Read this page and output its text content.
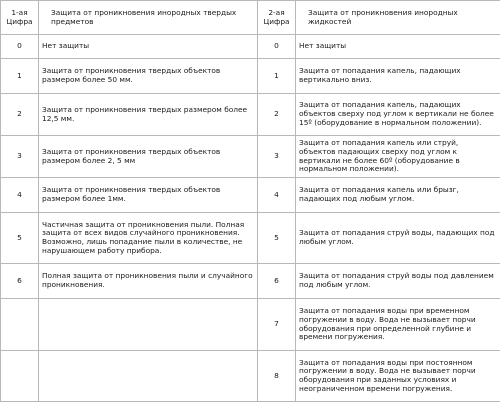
1-ая Цифра	Защита от проникновения инородных твердых предметов	2-ая Цифра	Защита от проникновения инородных жидкостей
0	Нет защиты	0	Нет защиты
1	Защита от проникновения твердых объектов размером более 50 мм.	1	Защита от попадания капель, падающих вертикально вниз.
2	Защита от проникновения твердых размером более 12,5 мм.	2	Защита от попадания капель, падающих объектов сверху под углом к вертикали не более 15º (оборудование в нормальном положении).
3	Защита от проникновения твердых объектов размером более 2, 5 мм	3	Защита от попадания капель или струй, объектов падающих сверху под углом к вертикали не более 60º (оборудование в нормальном положении).
4	Защита от проникновения твердых объектов размером более 1мм.	4	Защита от попадания капель или брызг, падающих под любым углом.
5	Частичная защита от проникновения пыли. Полная защита от всех видов случайного проникновения. Возможно, лишь попадание пыли в количестве, не нарушающем работу прибора.	5	Защита от попадания струй воды, падающих под любым углом.
6	Полная защита от проникновения пыли и случайного проникновения.	6	Защита от попадания струй воды под давлением под любым углом.
		7	Защита от попадания воды при временном погружении в воду. Вода не вызывает порчи оборудования при определенной глубине и времени погружения.
		8	Защита от попадания воды при постоянном погружении в воду. Вода не вызывает порчи оборудования при заданных условиях и неограниченном времени погружения.
